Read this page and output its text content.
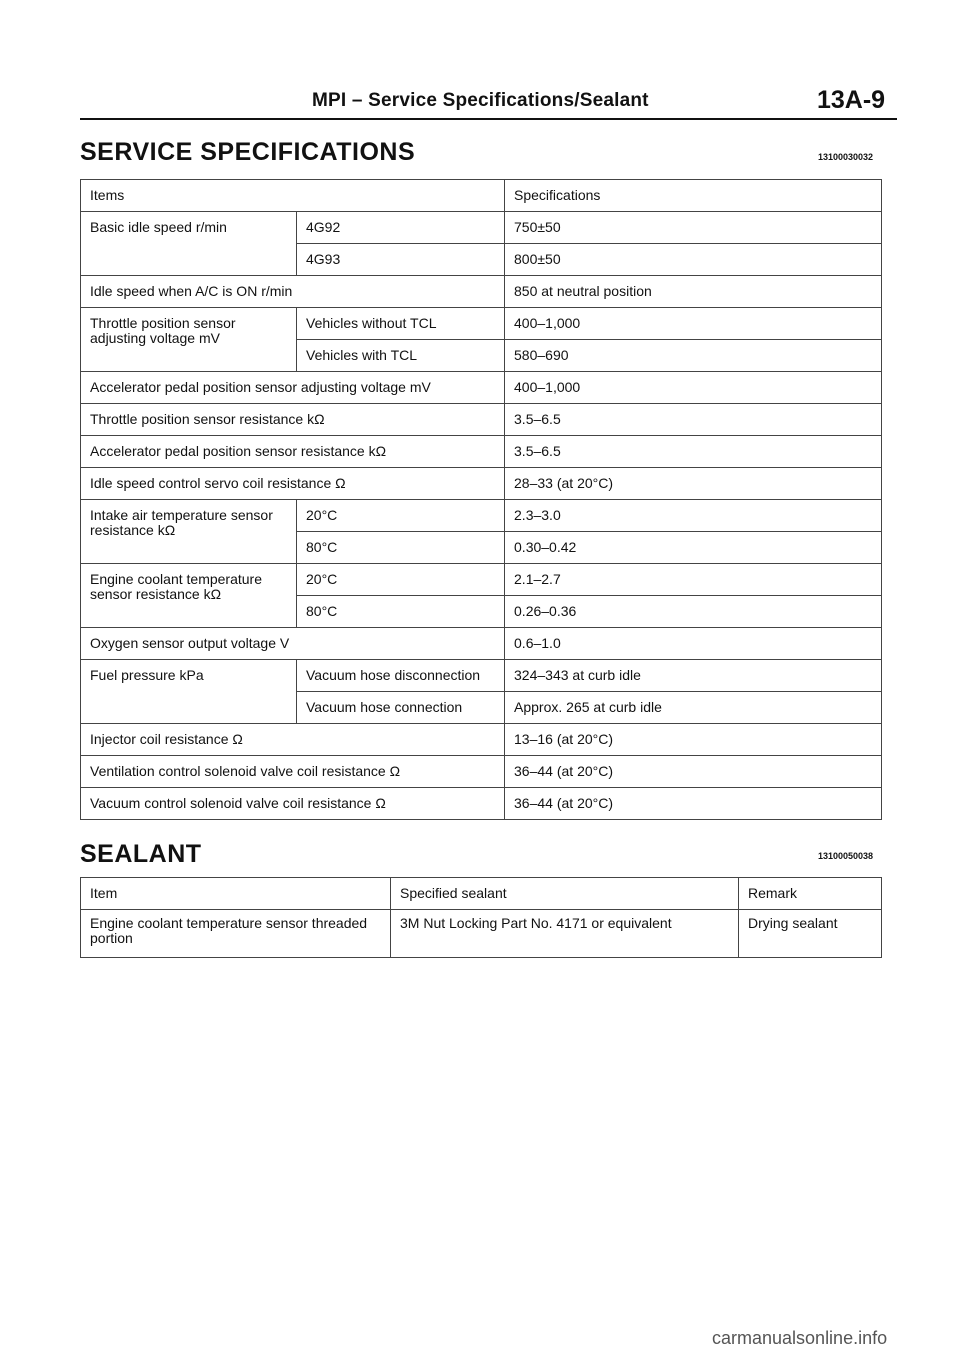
MPI – Service Specifications/Sealant	13A-9
SERVICE SPECIFICATIONS	13100030032
Items		Specifications
Basic idle speed r/min	4G92	750±50
	4G93	800±50
Idle speed when A/C is ON r/min		850 at neutral position
Throttle position sensor adjusting voltage mV	Vehicles without TCL	400–1,000
	Vehicles with TCL	580–690
Accelerator pedal position sensor adjusting voltage mV		400–1,000
Throttle position sensor resistance kΩ		3.5–6.5
Accelerator pedal position sensor resistance kΩ		3.5–6.5
Idle speed control servo coil resistance Ω		28–33 (at 20°C)
Intake air temperature sensor resistance kΩ	20°C	2.3–3.0
	80°C	0.30–0.42
Engine coolant temperature sensor resistance kΩ	20°C	2.1–2.7
	80°C	0.26–0.36
Oxygen sensor output voltage V		0.6–1.0
Fuel pressure kPa	Vacuum hose disconnection	324–343 at curb idle
	Vacuum hose connection	Approx. 265 at curb idle
Injector coil resistance Ω		13–16 (at 20°C)
Ventilation control solenoid valve coil resistance Ω		36–44 (at 20°C)
Vacuum control solenoid valve coil resistance Ω		36–44 (at 20°C)
SEALANT	13100050038
Item	Specified sealant	Remark
Engine coolant temperature sensor threaded portion	3M Nut Locking Part No. 4171 or equivalent	Drying sealant
carmanualsonline.info
